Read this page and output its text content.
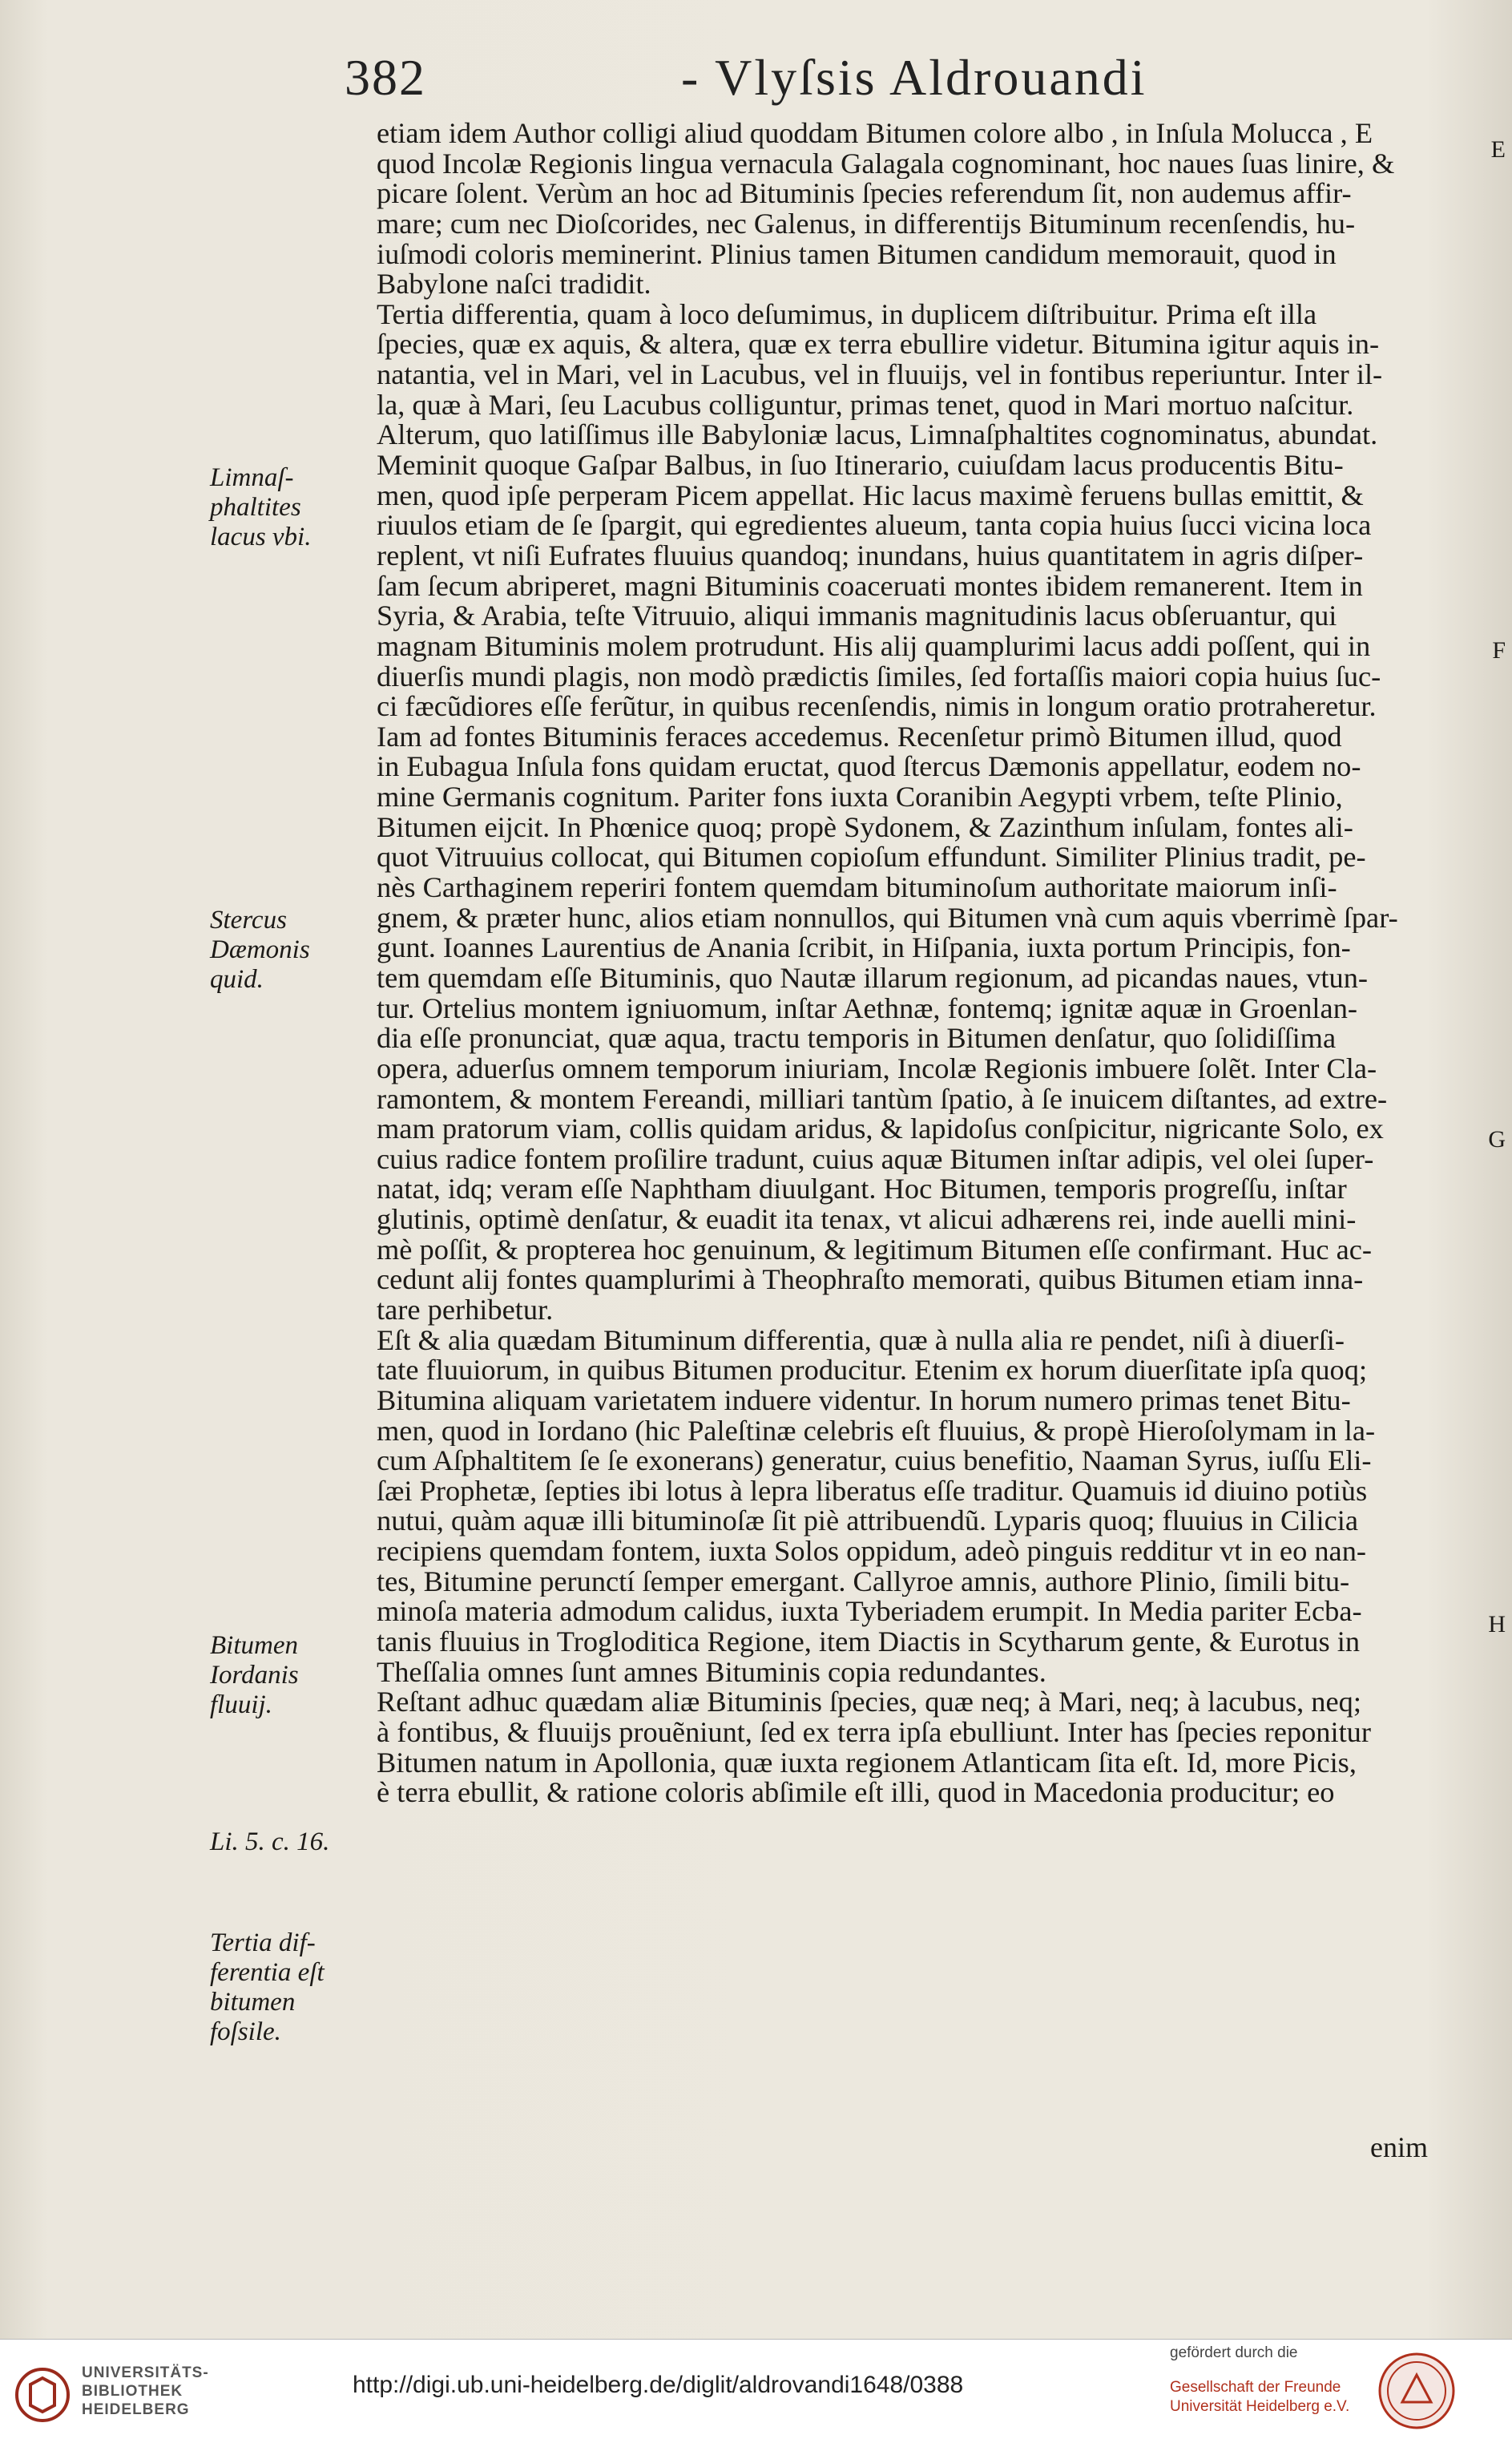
382	- Vlyſsis Aldrouandi
etiam idem Author colligi aliud quoddam Bitumen colore albo , in Inſula Molucca , E
quod Incolæ Regionis lingua vernacula Galagala cognominant, hoc naues ſuas linire, &
picare ſolent. Verùm an hoc ad Bituminis ſpecies referendum ſit, non audemus affir-
mare; cum nec Dioſcorides, nec Galenus, in differentijs Bituminum recenſendis, hu-
iuſmodi coloris meminerint. Plinius tamen Bitumen candidum memorauit, quod in
Babylone naſci tradidit.
Tertia differentia, quam à loco deſumimus, in duplicem diſtribuitur. Prima eſt illa
ſpecies, quæ ex aquis, & altera, quæ ex terra ebullire videtur. Bitumina igitur aquis in-
natantia, vel in Mari, vel in Lacubus, vel in fluuijs, vel in fontibus reperiuntur. Inter il-
la, quæ à Mari, ſeu Lacubus colliguntur, primas tenet, quod in Mari mortuo naſcitur.
Alterum, quo latiſſimus ille Babyloniæ lacus, Limnaſphaltites cognominatus, abundat.
Meminit quoque Gaſpar Balbus, in ſuo Itinerario, cuiuſdam lacus producentis Bitu-
men, quod ipſe perperam Picem appellat. Hic lacus maximè feruens bullas emittit, &
riuulos etiam de ſe ſpargit, qui egredientes alueum, tanta copia huius ſucci vicina loca
replent, vt niſi Eufrates fluuius quandoq; inundans, huius quantitatem in agris diſper-
ſam ſecum abriperet, magni Bituminis coaceruati montes ibidem remanerent. Item in
Syria, & Arabia, teſte Vitruuio, aliqui immanis magnitudinis lacus obſeruantur, qui
magnam Bituminis molem protrudunt. His alij quamplurimi lacus addi poſſent, qui in
diuerſis mundi plagis, non modò prædictis ſimiles, ſed fortaſſis maiori copia huius ſuc-
ci fæcũdiores eſſe ferũtur, in quibus recenſendis, nimis in longum oratio protraheretur.
Iam ad fontes Bituminis feraces accedemus. Recenſetur primò Bitumen illud, quod
in Eubagua Inſula fons quidam eructat, quod ſtercus Dæmonis appellatur, eodem no-
mine Germanis cognitum. Pariter fons iuxta Coranibin Aegypti vrbem, teſte Plinio,
Bitumen eijcit. In Phœnice quoq; propè Sydonem, & Zazinthum inſulam, fontes ali-
quot Vitruuius collocat, qui Bitumen copioſum effundunt. Similiter Plinius tradit, pe-
nès Carthaginem reperiri fontem quemdam bituminoſum authoritate maiorum inſi-
gnem, & præter hunc, alios etiam nonnullos, qui Bitumen vnà cum aquis vberrimè ſpar-
gunt. Ioannes Laurentius de Anania ſcribit, in Hiſpania, iuxta portum Principis, fon-
tem quemdam eſſe Bituminis, quo Nautæ illarum regionum, ad picandas naues, vtun-
tur. Ortelius montem igniuomum, inſtar Aethnæ, fontemq; ignitæ aquæ in Groenlan-
dia eſſe pronunciat, quæ aqua, tractu temporis in Bitumen denſatur, quo ſolidiſſima
opera, aduerſus omnem temporum iniuriam, Incolæ Regionis imbuere ſolẽt. Inter Cla-
ramontem, & montem Fereandi, milliari tantùm ſpatio, à ſe inuicem diſtantes, ad extre-
mam pratorum viam, collis quidam aridus, & lapidoſus conſpicitur, nigricante Solo, ex
cuius radice fontem proſilire tradunt, cuius aquæ Bitumen inſtar adipis, vel olei ſuper-
natat, idq; veram eſſe Naphtham diuulgant. Hoc Bitumen, temporis progreſſu, inſtar
glutinis, optimè denſatur, & euadit ita tenax, vt alicui adhærens rei, inde auelli mini-
mè poſſit, & propterea hoc genuinum, & legitimum Bitumen eſſe confirmant. Huc ac-
cedunt alij fontes quamplurimi à Theophraſto memorati, quibus Bitumen etiam inna-
tare perhibetur.
Eſt & alia quædam Bituminum differentia, quæ à nulla alia re pendet, niſi à diuerſi-
tate fluuiorum, in quibus Bitumen producitur. Etenim ex horum diuerſitate ipſa quoq;
Bitumina aliquam varietatem induere videntur. In horum numero primas tenet Bitu-
men, quod in Iordano (hic Paleſtinæ celebris eſt fluuius, & propè Hieroſolymam in la-
cum Aſphaltitem ſe ſe exonerans) generatur, cuius benefitio, Naaman Syrus, iuſſu Eli-
ſæi Prophetæ, ſepties ibi lotus à lepra liberatus eſſe traditur. Quamuis id diuino potiùs
nutui, quàm aquæ illi bituminoſæ ſit piè attribuendũ. Lyparis quoq; fluuius in Cilicia
recipiens quemdam fontem, iuxta Solos oppidum, adeò pinguis redditur vt in eo nan-
tes, Bitumine perunctí ſemper emergant. Callyroe amnis, authore Plinio, ſimili bitu-
minoſa materia admodum calidus, iuxta Tyberiadem erumpit. In Media pariter Ecba-
tanis fluuius in Trogloditica Regione, item Diactis in Scytharum gente, & Eurotus in
Theſſalia omnes ſunt amnes Bituminis copia redundantes.
Reſtant adhuc quædam aliæ Bituminis ſpecies, quæ neq; à Mari, neq; à lacubus, neq;
à fontibus, & fluuijs prouẽniunt, ſed ex terra ipſa ebulliunt. Inter has ſpecies reponitur
Bitumen natum in Apollonia, quæ iuxta regionem Atlanticam ſita eſt. Id, more Picis,
è terra ebullit, & ratione coloris abſimile eſt illi, quod in Macedonia producitur; eo
Limnaſ-
phaltites
lacus vbi.
Stercus
Dæmonis
quid.
Bitumen
Iordanis
fluuij.
Li. 5. c. 16.
Tertia dif-
ferentia eſt
bitumen
foſsile.
E
F
G
H
enim
UNIVERSITÄTS-
BIBLIOTHEK
HEIDELBERG
http://digi.ub.uni-heidelberg.de/diglit/aldrovandi1648/0388
gefördert durch die
Gesellschaft der Freunde
Universität Heidelberg e.V.
